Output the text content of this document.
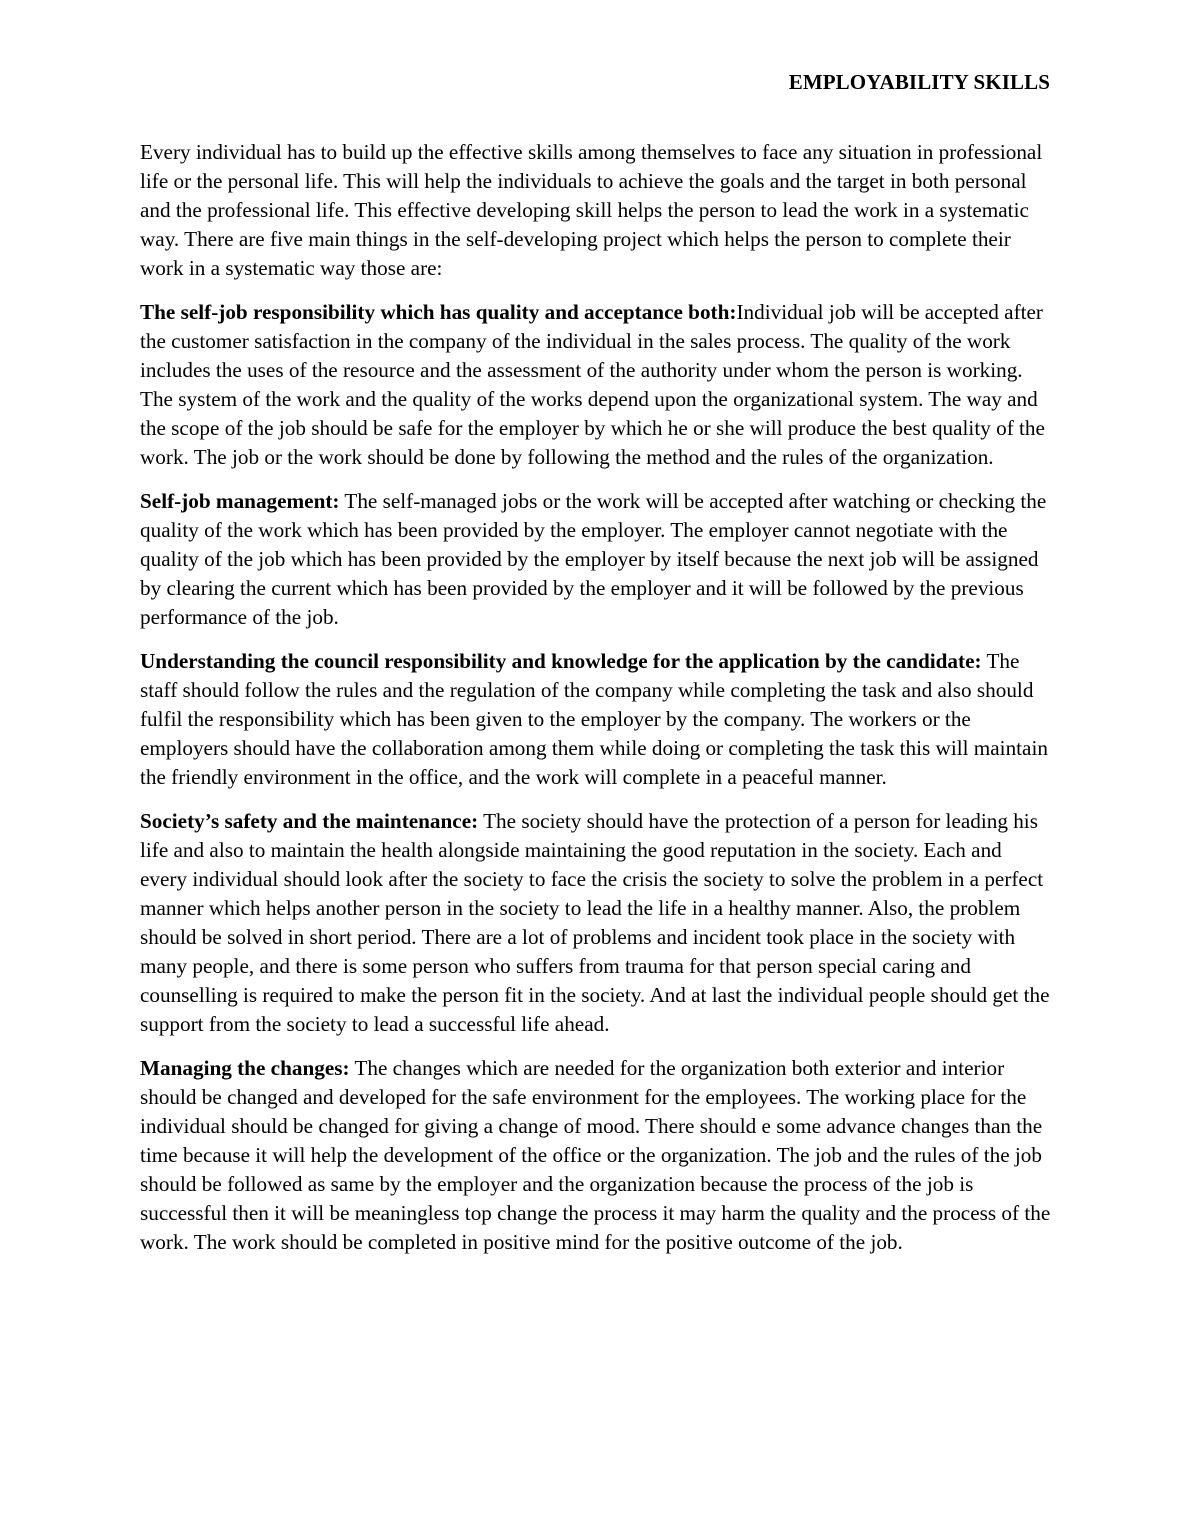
EMPLOYABILITY SKILLS

Every individual has to build up the effective skills among themselves to face any situation in professional life or the personal life. This will help the individuals to achieve the goals and the target in both personal and the professional life. This effective developing skill helps the person to lead the work in a systematic way. There are five main things in the self-developing project which helps the person to complete their work in a systematic way those are:

The self-job responsibility which has quality and acceptance both:Individual job will be accepted after the customer satisfaction in the company of the individual in the sales process. The quality of the work includes the uses of the resource and the assessment of the authority under whom the person is working. The system of the work and the quality of the works depend upon the organizational system. The way and the scope of the job should be safe for the employer by which he or she will produce the best quality of the work. The job or the work should be done by following the method and the rules of the organization.

Self-job management: The self-managed jobs or the work will be accepted after watching or checking the quality of the work which has been provided by the employer. The employer cannot negotiate with the quality of the job which has been provided by the employer by itself because the next job will be assigned by clearing the current which has been provided by the employer and it will be followed by the previous performance of the job.

Understanding the council responsibility and knowledge for the application by the candidate: The staff should follow the rules and the regulation of the company while completing the task and also should fulfil the responsibility which has been given to the employer by the company. The workers or the employers should have the collaboration among them while doing or completing the task this will maintain the friendly environment in the office, and the work will complete in a peaceful manner.

Society’s safety and the maintenance: The society should have the protection of a person for leading his life and also to maintain the health alongside maintaining the good reputation in the society. Each and every individual should look after the society to face the crisis the society to solve the problem in a perfect manner which helps another person in the society to lead the life in a healthy manner. Also, the problem should be solved in short period. There are a lot of problems and incident took place in the society with many people, and there is some person who suffers from trauma for that person special caring and counselling is required to make the person fit in the society. And at last the individual people should get the support from the society to lead a successful life ahead.

Managing the changes: The changes which are needed for the organization both exterior and interior should be changed and developed for the safe environment for the employees. The working place for the individual should be changed for giving a change of mood. There should e some advance changes than the time because it will help the development of the office or the organization. The job and the rules of the job should be followed as same by the employer and the organization because the process of the job is successful then it will be meaningless top change the process it may harm the quality and the process of the work. The work should be completed in positive mind for the positive outcome of the job.
